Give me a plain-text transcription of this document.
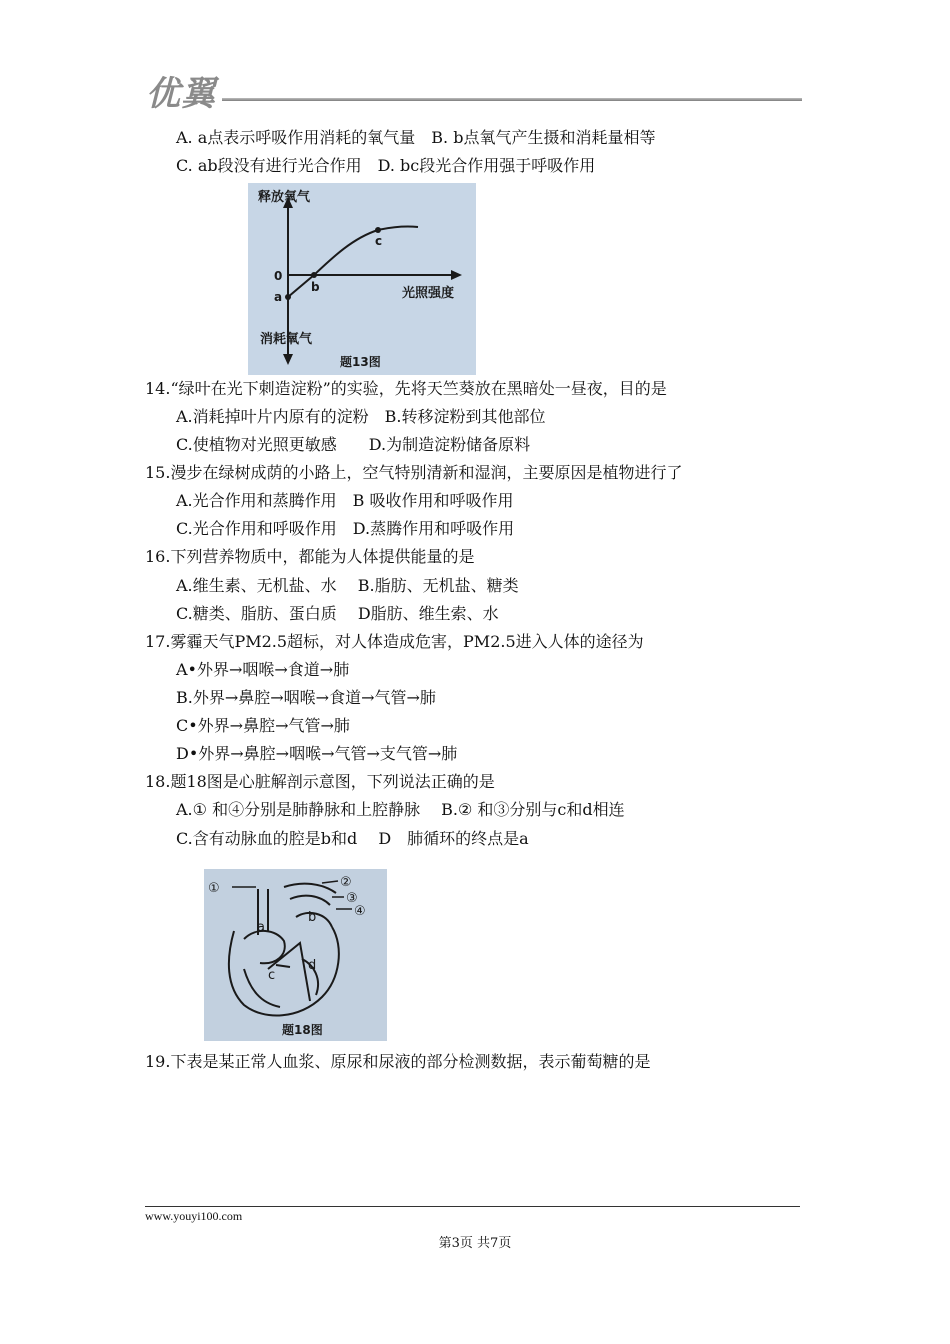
优翼
A. a点表示呼吸作用消耗的氧气量　B. b点氧气产生摄和消耗量相等
C. ab段没有进行光合作用　D. bc段光合作用强于呼吸作用
释放氧气
消耗氧气
光照强度
0
a
b
c
题13图
14.“绿叶在光下刺造淀粉”的实验，先将天竺葵放在黑暗处一昼夜，目的是
A.消耗掉叶片内原有的淀粉　B.转移淀粉到其他部位
C.使植物对光照更敏感　　D.为制造淀粉储备原料
15.漫步在绿树成荫的小路上，空气特别清新和湿润，主要原因是植物进行了
A.光合作用和蒸腾作用　B 吸收作用和呼吸作用
C.光合作用和呼吸作用　D.蒸腾作用和呼吸作用
16.下列营养物质中，都能为人体提供能量的是
A.维生素、无机盐、水　 B.脂肪、无机盐、糖类
C.糖类、脂肪、蛋白质　 D脂肪、维生索、水
17.雾霾天气PM2.5超标，对人体造成危害，PM2.5进入人体的途径为
A•外界→咽喉→食道→肺
B.外界→鼻腔→咽喉→食道→气管→肺
C•外界→鼻腔→气管→肺
D•外界→鼻腔→咽喉→气管→支气管→肺
18.题18图是心脏解剖示意图，下列说法正确的是
A.① 和④分别是肺静脉和上腔静脉　 B.② 和③分别与c和d相连
C.含有动脉血的腔是b和d　 D　肺循环的终点是a
①	②
③
④
a
b
c
d
题18图
19.下表是某正常人血浆、原尿和尿液的部分检测数据，表示葡萄糖的是
www.youyi100.com
第3页 共7页
